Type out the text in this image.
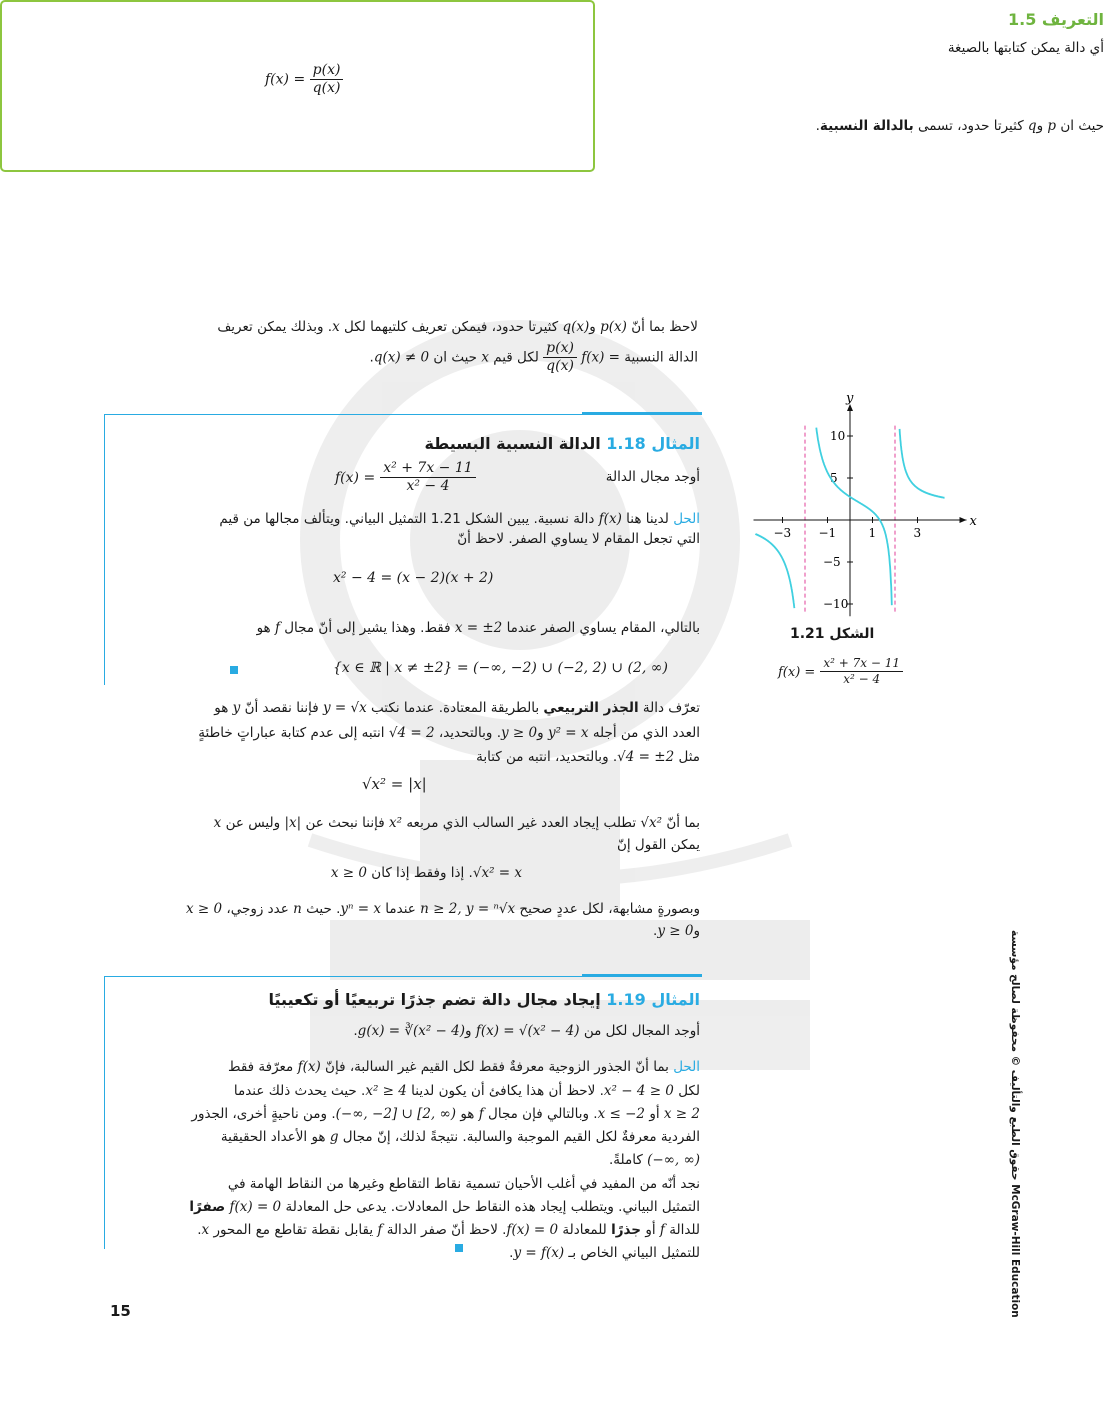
التعريف 1.5
أي دالة يمكن كتابتها بالصيغة
$f(x) = \frac{p(x)}{q(x)}$
حيث ان p وq كثيرتا حدود، تسمى بالدالة النسبية.
لاحظ بما أنّ p(x) وq(x) كثيرتا حدود، فيمكن تعريف كلتيهما لكل x. وبذلك يمكن تعريف
الدالة النسبية f(x) =
$\frac{p(x)}{q(x)}$
لكل قيم x حيث ان q(x) ≠ 0.
المثال 1.18 الدالة النسبية البسيطة
أوجد مجال الدالة
$f(x) = \frac{\text{x² + 7x − 11}}{\text{x² − 4}}$
الحل لدينا هنا f(x) دالة نسبية. يبين الشكل 1.21 التمثيل البياني. ويتألف مجالها من قيم
التي تجعل المقام لا يساوي الصفر. لاحظ أنّ
x² − 4 = (x − 2)(x + 2)
بالتالي، المقام يساوي الصفر عندما x = ±2 فقط. وهذا يشير إلى أنّ مجال f هو
{x ∈ ℝ | x ≠ ±2} = (−∞, −2) ∪ (−2, 2) ∪ (2, ∞)
x
y
−3 −1	1	3
10
5
−5
−10
الشكل 1.21
$f(x) = \frac{\text{x² + 7x − 11}}{\text{x² − 4}}$
تعرّف دالة الجذر التربيعي بالطريقة المعتادة. عندما نكتب y = √x فإننا نقصد أنّ y هو
العدد الذي من أجله y² = x وy ≥ 0. وبالتحديد، √4 = 2 انتبه إلى عدم كتابة عباراتٍ خاطئةٍ
مثل √4 = ±2. وبالتحديد، انتبه من كتابة
√x² = |x|
بما أنّ √x² تطلب إيجاد العدد غير السالب الذي مربعه x² فإننا نبحث عن |x| وليس عن x
يمكن القول إنّ
√x² = x. إذا وفقط إذا كان x ≥ 0
وبصورةٍ مشابهة، لكل عددٍ صحيح n ≥ 2, y = ⁿ√x عندما yⁿ = x. حيث n عدد زوجي، x ≥ 0
وy ≥ 0.
المثال 1.19 إيجاد مجال دالة تضم جذرًا تربيعيًا أو تكعيبيًا
أوجد المجال لكل من f(x) = √(x² − 4) وg(x) = ∛(x² − 4).
الحل بما أنّ الجذور الزوجية معرفةٌ فقط لكل القيم غير السالبة، فإنّ f(x) معرّفة فقط
لكل x² − 4 ≥ 0. لاحظ أن هذا يكافئ أن يكون لدينا x² ≥ 4. حيث يحدث ذلك عندما
x ≥ 2 أو x ≤ −2. وبالتالي فإن مجال f هو (−∞, −2] ∪ [2, ∞). ومن ناحيةٍ أخرى، الجذور
الفردية معرفةٌ لكل القيم الموجبة والسالبة. نتيجةً لذلك، إنّ مجال g هو الأعداد الحقيقية
(−∞, ∞) كاملةً.
نجد أنّه من المفيد في أغلب الأحيان تسمية نقاط التقاطع وغيرها من النقاط الهامة في
التمثيل البياني. ويتطلب إيجاد هذه النقاط حل المعادلات. يدعى حل المعادلة f(x) = 0 صفرًا
للدالة f أو جذرًا للمعادلة f(x) = 0. لاحظ أنّ صفر الدالة f يقابل نقطة تقاطع مع المحور x.
للتمثيل البياني الخاص بـ y = f(x).
حقوق الطبع والتأليف © محفوظة لصالح مؤسسة McGraw-Hill Education
15
